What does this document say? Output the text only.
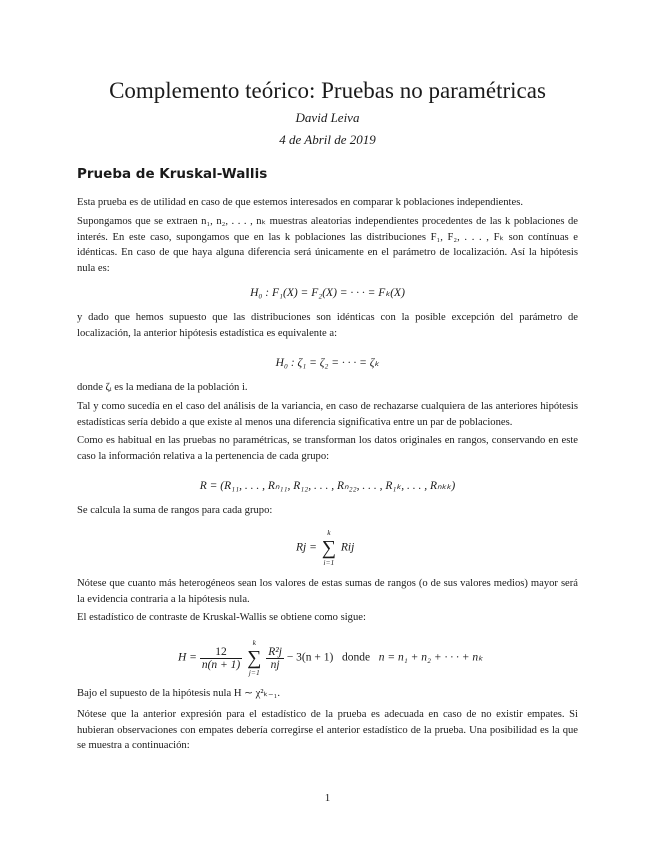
Complemento teórico: Pruebas no paramétricas
David Leiva
4 de Abril de 2019
Prueba de Kruskal-Wallis

Esta prueba es de utilidad en caso de que estemos interesados en comparar k poblaciones independientes.

Supongamos que se extraen n₁, n₂, . . . , nₖ muestras aleatorias independientes procedentes de las k poblaciones de interés. En este caso, supongamos que en las k poblaciones las distribuciones F₁, F₂, . . . , Fₖ son contínuas e idénticas. En caso de que haya alguna diferencia será únicamente en el parámetro de localización. Así la hipótesis nula es:

H₀ : F₁(X) = F₂(X) = · · · = Fₖ(X)

y dado que hemos supuesto que las distribuciones son idénticas con la posible excepción del parámetro de localización, la anterior hipótesis estadística es equivalente a:

H₀ : ζ₁ = ζ₂ = · · · = ζₖ

donde ζᵢ es la mediana de la población i.

Tal y como sucedía en el caso del análisis de la variancia, en caso de rechazarse cualquiera de las anteriores hipótesis estadísticas sería debido a que existe al menos una diferencia significativa entre un par de poblaciones.

Como es habitual en las pruebas no paramétricas, se transforman los datos originales en rangos, conservando en este caso la información relativa a la pertenencia de cada grupo:

R = (R₁₁, . . . , Rₙ₁₁, R₁₂, . . . , Rₙ₂₂, . . . , R₁ₖ, . . . , Rₙₖₖ)

Se calcula la suma de rangos para cada grupo:

Rj =
k
∑
i=1
Rij

Nótese que cuanto más heterogéneos sean los valores de estas sumas de rangos (o de sus valores medios) mayor será la evidencia contraria a la hipótesis nula.

El estadístico de contraste de Kruskal-Wallis se obtiene como sigue:

$H = \frac{12}{n(n + 1)}$

k
∑
j=1

$\frac{\text{R²j}}{nj} - 3(n + 1)$ donde n = n₁ + n₂ + · · · + nₖ

Bajo el supuesto de la hipótesis nula H ∼ χ²ₖ₋₁.

Nótese que la anterior expresión para el estadístico de la prueba es adecuada en caso de no existir empates. Si hubieran observaciones con empates debería corregirse el anterior estadístico de la prueba. Una posibilidad es la que se muestra a continuación:

1
